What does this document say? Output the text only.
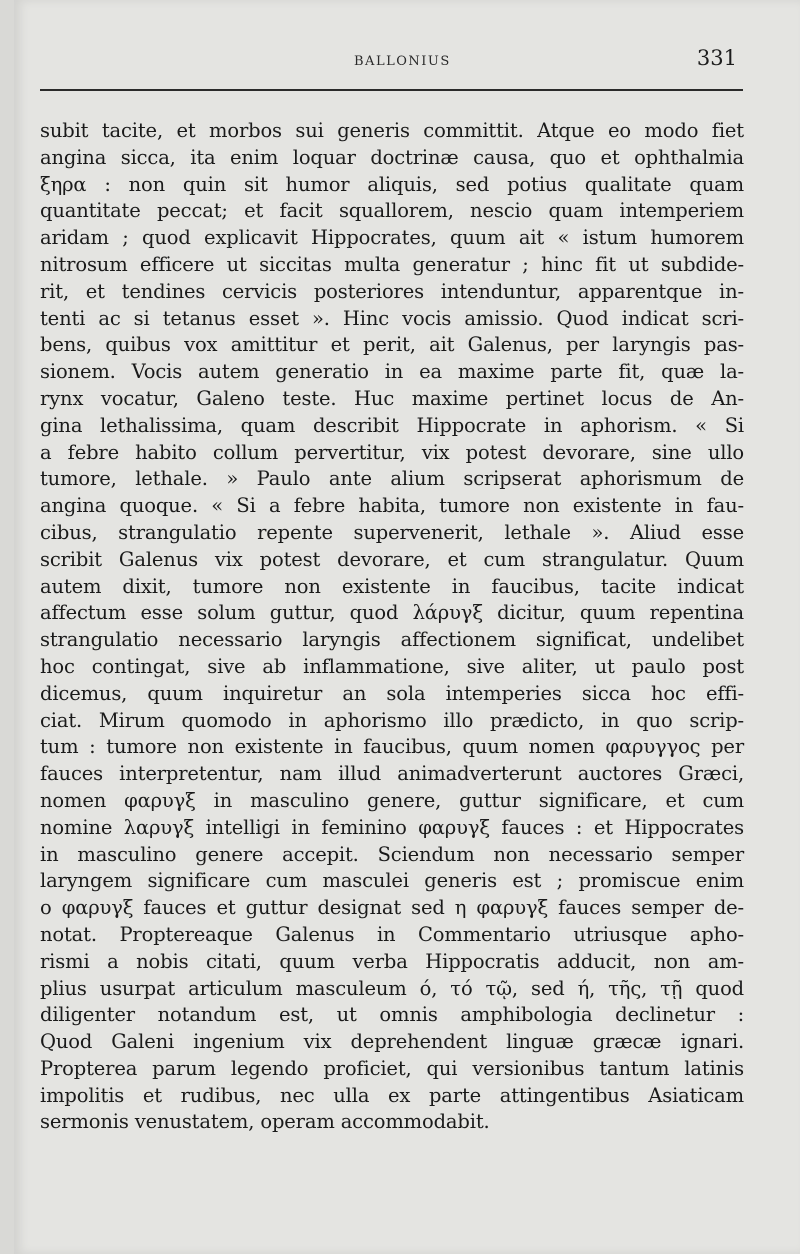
BALLONIUS	331
subit tacite, et morbos sui generis committit. Atque eo modo fiet
angina sicca, ita enim loquar doctrinæ causa, quo et ophthalmia
ξηρα : non quin sit humor aliquis, sed potius qualitate quam
quantitate peccat; et facit squallorem, nescio quam intemperiem
aridam ; quod explicavit Hippocrates, quum ait « istum humorem
nitrosum efficere ut siccitas multa generatur ; hinc fit ut subdide-
rit, et tendines cervicis posteriores intenduntur, apparentque in-
tenti ac si tetanus esset ». Hinc vocis amissio. Quod indicat scri-
bens, quibus vox amittitur et perit, ait Galenus, per laryngis pas-
sionem. Vocis autem generatio in ea maxime parte fit, quæ la-
rynx vocatur, Galeno teste. Huc maxime pertinet locus de An-
gina lethalissima, quam describit Hippocrate in aphorism. « Si
a febre habito collum pervertitur, vix potest devorare, sine ullo
tumore, lethale. » Paulo ante alium scripserat aphorismum de
angina quoque. « Si a febre habita, tumore non existente in fau-
cibus, strangulatio repente supervenerit, lethale ». Aliud esse
scribit Galenus vix potest devorare, et cum strangulatur. Quum
autem dixit, tumore non existente in faucibus, tacite indicat
affectum esse solum guttur, quod λάρυγξ dicitur, quum repentina
strangulatio necessario laryngis affectionem significat, undelibet
hoc contingat, sive ab inflammatione, sive aliter, ut paulo post
dicemus, quum inquiretur an sola intemperies sicca hoc effi-
ciat. Mirum quomodo in aphorismo illo prædicto, in quo scrip-
tum : tumore non existente in faucibus, quum nomen φαρυγγος per
fauces interpretentur, nam illud animadverterunt auctores Græci,
nomen φαρυγξ in masculino genere, guttur significare, et cum
nomine λαρυγξ intelligi in feminino φαρυγξ fauces : et Hippocrates
in masculino genere accepit. Sciendum non necessario semper
laryngem significare cum masculei generis est ; promiscue enim
ο φαρυγξ fauces et guttur designat sed η φαρυγξ fauces semper de-
notat. Proptereaque Galenus in Commentario utriusque apho-
rismi a nobis citati, quum verba Hippocratis adducit, non am-
plius usurpat articulum masculeum ό, τό τῷ, sed ή, τῆς, τῇ quod
diligenter notandum est, ut omnis amphibologia declinetur :
Quod Galeni ingenium vix deprehendent linguæ græcæ ignari.
Propterea parum legendo proficiet, qui versionibus tantum latinis
impolitis et rudibus, nec ulla ex parte attingentibus Asiaticam
sermonis venustatem, operam accommodabit.
